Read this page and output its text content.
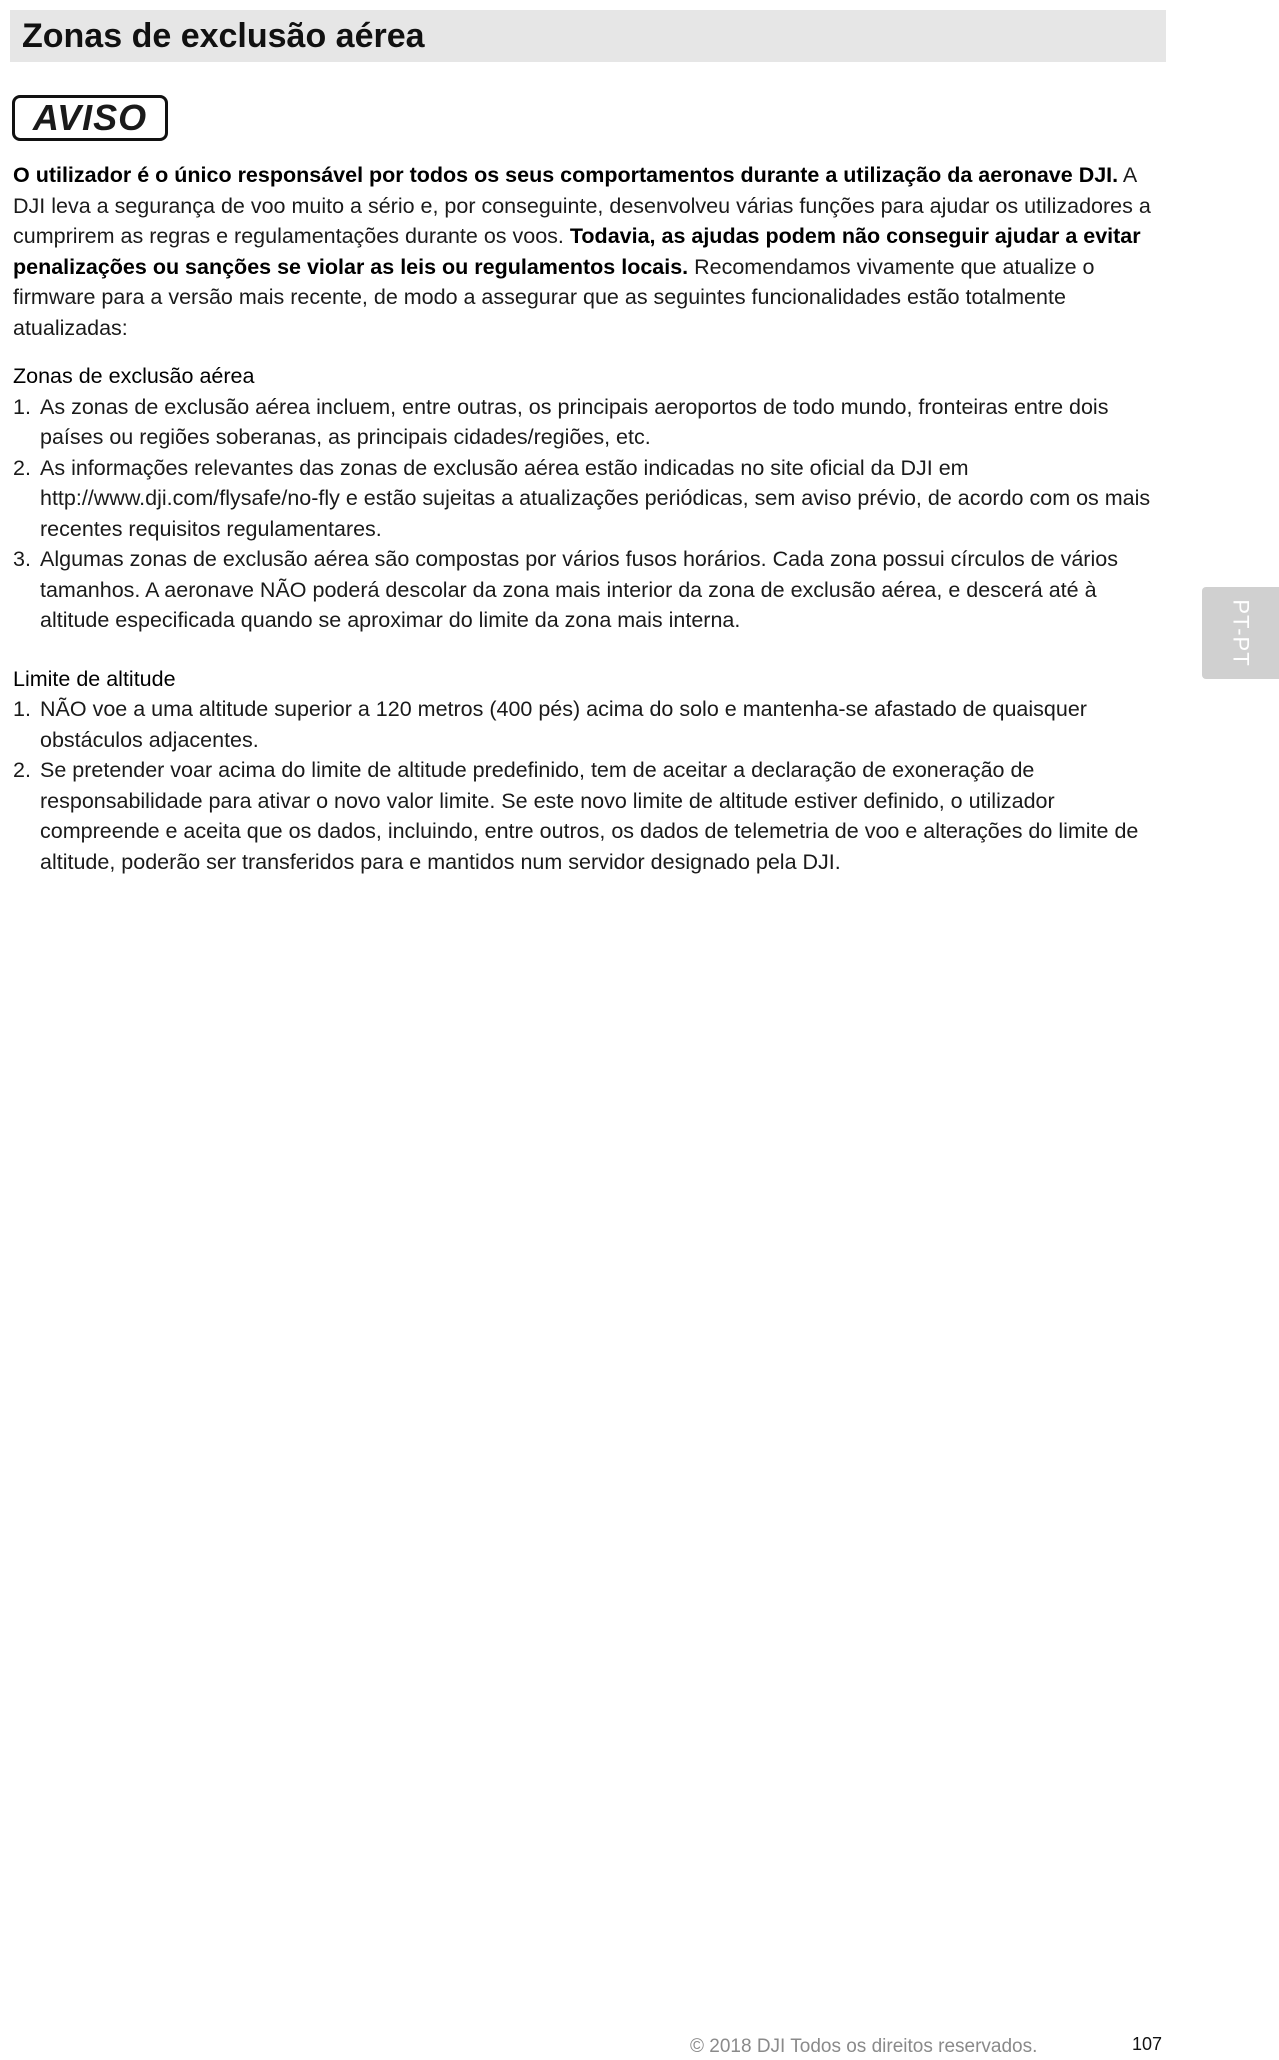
Zonas de exclusão aérea
AVISO

O utilizador é o único responsável por todos os seus comportamentos durante a utilização da aeronave DJI. A DJI leva a segurança de voo muito a sério e, por conseguinte, desenvolveu várias funções para ajudar os utilizadores a cumprirem as regras e regulamentações durante os voos. Todavia, as ajudas podem não conseguir ajudar a evitar penalizações ou sanções se violar as leis ou regulamentos locais. Recomendamos vivamente que atualize o firmware para a versão mais recente, de modo a assegurar que as seguintes funcionalidades estão totalmente atualizadas:

Zonas de exclusão aérea

1. As zonas de exclusão aérea incluem, entre outras, os principais aeroportos de todo mundo, fronteiras entre dois países ou regiões soberanas, as principais cidades/regiões, etc.
2. As informações relevantes das zonas de exclusão aérea estão indicadas no site oficial da DJI em http://www.dji.com/flysafe/no-fly e estão sujeitas a atualizações periódicas, sem aviso prévio, de acordo com os mais recentes requisitos regulamentares.
3. Algumas zonas de exclusão aérea são compostas por vários fusos horários. Cada zona possui círculos de vários tamanhos. A aeronave NÃO poderá descolar da zona mais interior da zona de exclusão aérea, e descerá até à altitude especificada quando se aproximar do limite da zona mais interna.

Limite de altitude

1. NÃO voe a uma altitude superior a 120 metros (400 pés) acima do solo e mantenha-se afastado de quaisquer obstáculos adjacentes.
2. Se pretender voar acima do limite de altitude predefinido, tem de aceitar a declaração de exoneração de responsabilidade para ativar o novo valor limite. Se este novo limite de altitude estiver definido, o utilizador compreende e aceita que os dados, incluindo, entre outros, os dados de telemetria de voo e alterações do limite de altitude, poderão ser transferidos para e mantidos num servidor designado pela DJI.
PT-PT
© 2018 DJI Todos os direitos reservados.	107
